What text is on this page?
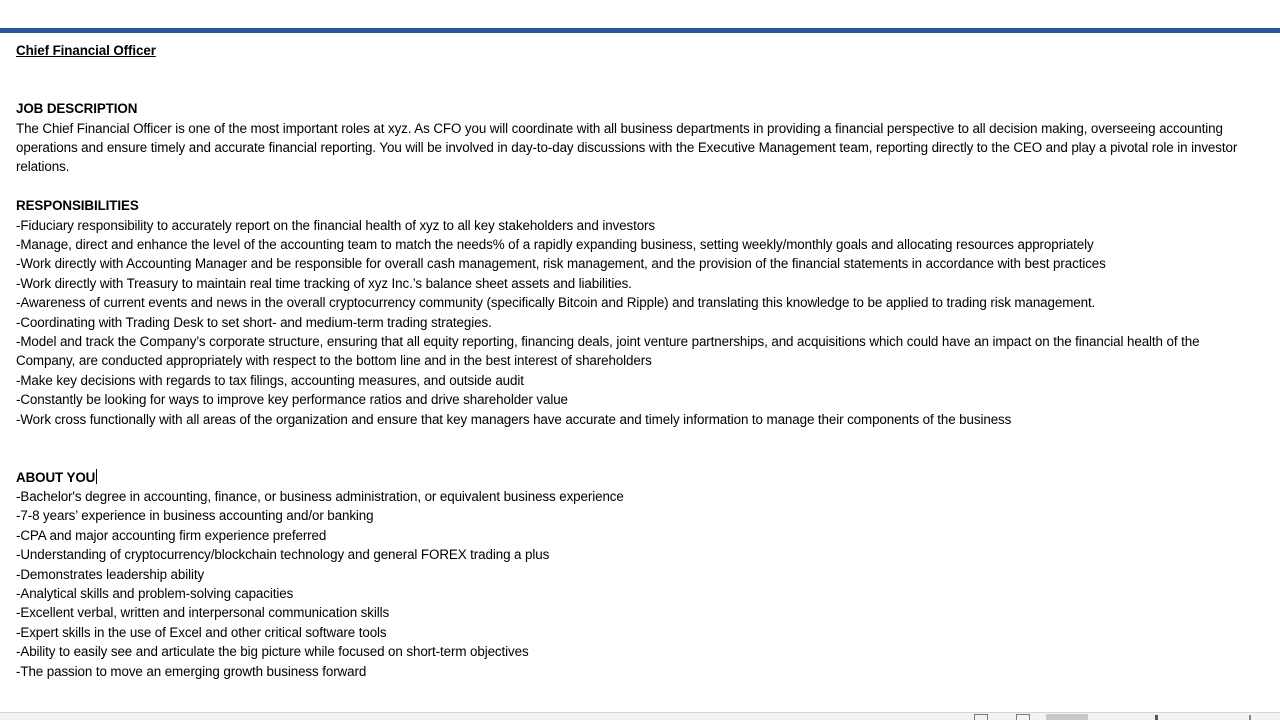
Chief Financial Officer

JOB DESCRIPTION

The Chief Financial Officer is one of the most important roles at xyz. As CFO you will coordinate with all business departments in providing a financial perspective to all decision making, overseeing accounting operations and ensure timely and accurate financial reporting. You will be involved in day-to-day discussions with the Executive Management team, reporting directly to the CEO and play a pivotal role in investor relations.

RESPONSIBILITIES

-Fiduciary responsibility to accurately report on the financial health of xyz to all key stakeholders and investors

-Manage, direct and enhance the level of the accounting team to match the needs% of a rapidly expanding business, setting weekly/monthly goals and allocating resources appropriately

-Work directly with Accounting Manager and be responsible for overall cash management, risk management, and the provision of the financial statements in accordance with best practices

-Work directly with Treasury to maintain real time tracking of xyz Inc.’s balance sheet assets and liabilities.

-Awareness of current events and news in the overall cryptocurrency community (specifically Bitcoin and Ripple) and translating this knowledge to be applied to trading risk management.

-Coordinating with Trading Desk to set short- and medium-term trading strategies.

-Model and track the Company’s corporate structure, ensuring that all equity reporting, financing deals, joint venture partnerships, and acquisitions which could have an impact on the financial health of the Company, are conducted appropriately with respect to the bottom line and in the best interest of shareholders

-Make key decisions with regards to tax filings, accounting measures, and outside audit

-Constantly be looking for ways to improve key performance ratios and drive shareholder value

-Work cross functionally with all areas of the organization and ensure that key managers have accurate and timely information to manage their components of the business

ABOUT YOU

-Bachelor's degree in accounting, finance, or business administration, or equivalent business experience

-7-8 years’ experience in business accounting and/or banking

-CPA and major accounting firm experience preferred

-Understanding of cryptocurrency/blockchain technology and general FOREX trading a plus

-Demonstrates leadership ability

-Analytical skills and problem-solving capacities

-Excellent verbal, written and interpersonal communication skills

-Expert skills in the use of Excel and other critical software tools

-Ability to easily see and articulate the big picture while focused on short-term objectives

-The passion to move an emerging growth business forward
